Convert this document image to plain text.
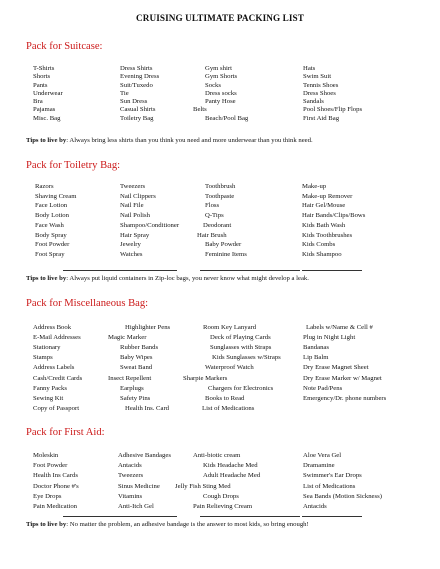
CRUISING ULTIMATE PACKING LIST
Pack for Suitcase:
T-Shirts
Shorts
Pants
Underwear
Bra
Pajamas
Misc. Bag
Dress Shirts
Evening Dress
Suit/Tuxedo
Tie
Sun Dress
Casual Shirts
Toiletry Bag
Gym shirt
Gym Shorts
Socks
Dress socks
Panty Hose
Belts
Beach/Pool Bag
Hats
Swim Suit
Tennis Shoes
Dress Shoes
Sandals
Pool Shoes/Flip Flops
First Aid Bag
Tips to live by: Always bring less shirts than you think you need and more underwear than you think need.
Pack for Toiletry Bag:
Razors
Shaving Cream
Face Lotion
Body Lotion
Face Wash
Body Spray
Foot Powder
Foot Spray
Tweezers
Nail Clippers
Nail File
Nail Polish
Shampoo/Conditioner
Hair Spray
Jewelry
Watches
Toothbrush
Toothpaste
Floss
Q-Tips
Deodorant
Hair Brush
Baby Powder
Feminine Items
Make-up
Make-up Remover
Hair Gel/Mouse
Hair Bands/Clips/Bows
Kids Bath Wash
Kids Toothbrushes
Kids Combs
Kids Shampoo
Tips to live by: Always put liquid containers in Zip-loc bags, you never know what might develop a leak.
Pack for Miscellaneous Bag:
Address Book
E-Mail Addresses
Stationary
Stamps
Address Labels
Cash/Credit Cards
Fanny Packs
Sewing Kit
Copy of Passport
Highlighter Pens
Magic Marker
Rubber Bands
Baby Wipes
Sweat Band
Insect Repellent
Earplugs
Safety Pins
Health Ins. Card
Room Key Lanyard
Deck of Playing Cards
Sunglasses with Straps
Kids Sunglasses w/Straps
Waterproof Watch
Sharpie Markers
Chargers for Electronics
Books to Read
List of Medications
Labels w/Name & Cell #
Plug in Night Light
Bandanas
Lip Balm
Dry Erase Magnet Sheet
Dry Erase Marker w/ Magnet
Note Pad/Pens
Emergency/Dr. phone numbers
Pack for First Aid:
Moleskin
Foot Powder
Health Ins Cards
Doctor Phone #'s
Eye Drops
Pain Medication
Adhesive Bandages
Antacids
Tweezers
Sinus Medicine
Vitamins
Anti-Itch Gel
Anti-biotic cream
Kids Headache Med
Adult Headache Med
Jelly Fish Sting Med
Cough Drops
Pain Relieving Cream
Aloe Vera Gel
Dramamine
Swimmer's Ear Drops
List of Medications
Sea Bands (Motion Sickness)
Antacids
Tips to live by: No matter the problem, an adhesive bandage is the answer to most kids, so bring enough!
